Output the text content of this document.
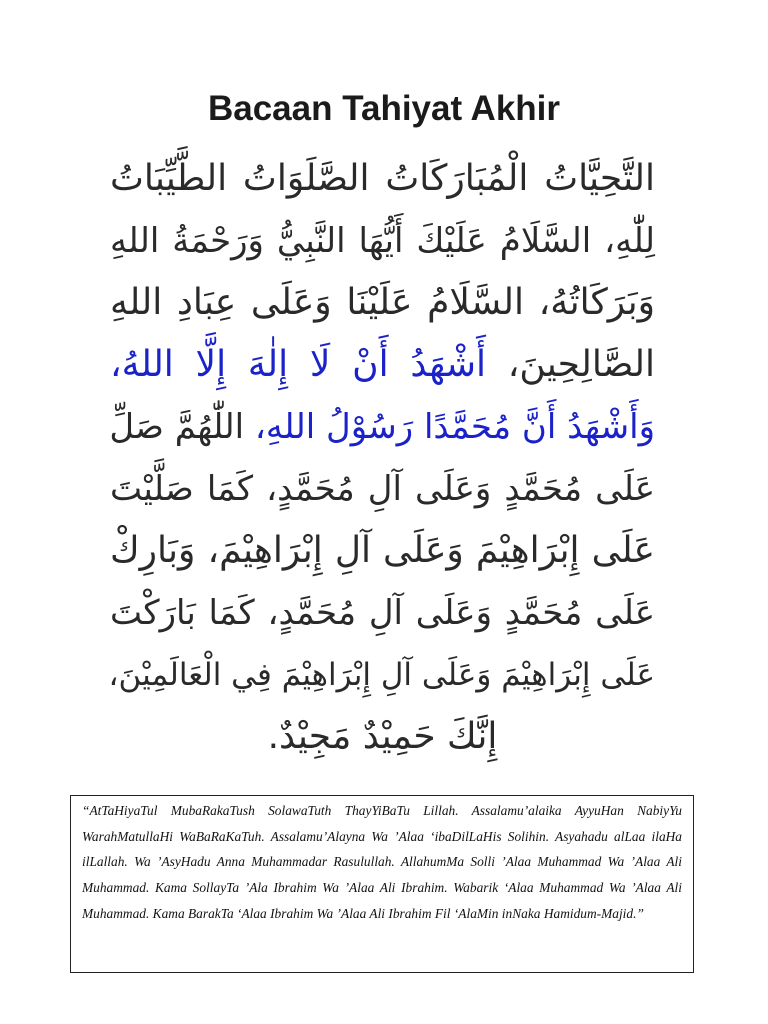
Bacaan Tahiyat Akhir
التَّحِيَّاتُ الْمُبَارَكَاتُ الصَّلَوَاتُ الطَّيِّبَاتُ
لِلّٰهِ، السَّلَامُ عَلَيْكَ أَيُّهَا النَّبِيُّ وَرَحْمَةُ اللهِ
وَبَرَكَاتُهُ، السَّلَامُ عَلَيْنَا وَعَلَى عِبَادِ اللهِ
الصَّالِحِينَ، أَشْهَدُ أَنْ لَا إِلٰهَ إِلَّا اللهُ،
وَأَشْهَدُ أَنَّ مُحَمَّدًا رَسُوْلُ اللهِ، اللّٰهُمَّ صَلِّ
عَلَى مُحَمَّدٍ وَعَلَى آلِ مُحَمَّدٍ، كَمَا صَلَّيْتَ
عَلَى إِبْرَاهِيْمَ وَعَلَى آلِ إِبْرَاهِيْمَ، وَبَارِكْ
عَلَى مُحَمَّدٍ وَعَلَى آلِ مُحَمَّدٍ، كَمَا بَارَكْتَ
عَلَى إِبْرَاهِيْمَ وَعَلَى آلِ إِبْرَاهِيْمَ فِي الْعَالَمِيْنَ،
إِنَّكَ حَمِيْدٌ مَجِيْدٌ.

“AtTaHiyaTul MubaRakaTush SolawaTuth ThayYiBaTu Lillah. Assalamu’alaika AyyuHan NabiyYu WarahMatullaHi WaBaRaKaTuh. Assalamu’Alayna Wa ’Alaa ‘ibaDilLaHis Solihin. Asyahadu alLaa ilaHa ilLallah. Wa ’AsyHadu Anna Muhammadar Rasulullah. AllahumMa Solli ’Alaa Muhammad Wa ’Alaa Ali Muhammad. Kama SollayTa ’Ala Ibrahim Wa ’Alaa Ali Ibrahim. Wabarik ‘Alaa Muhammad Wa ’Alaa Ali Muhammad. Kama BarakTa ‘Alaa Ibrahim Wa ’Alaa Ali Ibrahim Fil ‘AlaMin inNaka Hamidum-Majid.”
